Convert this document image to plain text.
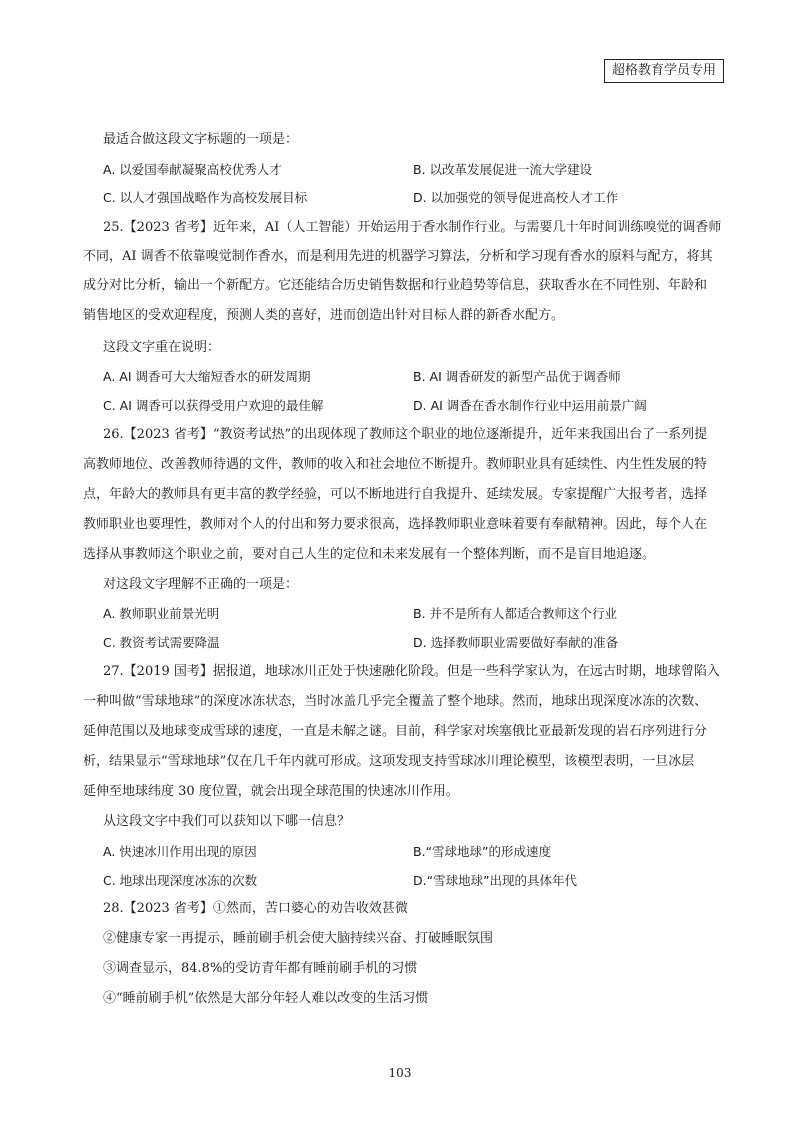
超格教育学员专用
最适合做这段文字标题的一项是：
A. 以爱国奉献凝聚高校优秀人才	B. 以改革发展促进一流大学建设
C. 以人才强国战略作为高校发展目标	D. 以加强党的领导促进高校人才工作
25.【2023 省考】近年来，AI（人工智能）开始运用于香水制作行业。与需要几十年时间训练嗅觉的调香师
不同，AI 调香不依靠嗅觉制作香水，而是利用先进的机器学习算法，分析和学习现有香水的原料与配方，将其
成分对比分析，输出一个新配方。它还能结合历史销售数据和行业趋势等信息，获取香水在不同性别、年龄和
销售地区的受欢迎程度，预测人类的喜好，进而创造出针对目标人群的新香水配方。
这段文字重在说明：
A. AI 调香可大大缩短香水的研发周期	B. AI 调香研发的新型产品优于调香师
C. AI 调香可以获得受用户欢迎的最佳解	D. AI 调香在香水制作行业中运用前景广阔
26.【2023 省考】“教资考试热”的出现体现了教师这个职业的地位逐渐提升，近年来我国出台了一系列提
高教师地位、改善教师待遇的文件，教师的收入和社会地位不断提升。教师职业具有延续性、内生性发展的特
点，年龄大的教师具有更丰富的教学经验，可以不断地进行自我提升、延续发展。专家提醒广大报考者，选择
教师职业也要理性，教师对个人的付出和努力要求很高，选择教师职业意味着要有奉献精神。因此，每个人在
选择从事教师这个职业之前，要对自己人生的定位和未来发展有一个整体判断，而不是盲目地追逐。
对这段文字理解不正确的一项是：
A. 教师职业前景光明	B. 并不是所有人都适合教师这个行业
C. 教资考试需要降温	D. 选择教师职业需要做好奉献的准备
27.【2019 国考】据报道，地球冰川正处于快速融化阶段。但是一些科学家认为，在远古时期，地球曾陷入
一种叫做“雪球地球”的深度冰冻状态，当时冰盖几乎完全覆盖了整个地球。然而，地球出现深度冰冻的次数、
延伸范围以及地球变成雪球的速度，一直是未解之谜。目前，科学家对埃塞俄比亚最新发现的岩石序列进行分
析，结果显示“雪球地球”仅在几千年内就可形成。这项发现支持雪球冰川理论模型，该模型表明，一旦冰层
延伸至地球纬度 30 度位置，就会出现全球范围的快速冰川作用。
从这段文字中我们可以获知以下哪一信息？
A. 快速冰川作用出现的原因	B.“雪球地球”的形成速度
C. 地球出现深度冰冻的次数	D.“雪球地球”出现的具体年代
28.【2023 省考】①然而，苦口婆心的劝告收效甚微
②健康专家一再提示，睡前刷手机会使大脑持续兴奋、打破睡眠氛围
③调查显示，84.8%的受访青年都有睡前刷手机的习惯
④“睡前刷手机”依然是大部分年轻人难以改变的生活习惯
103
